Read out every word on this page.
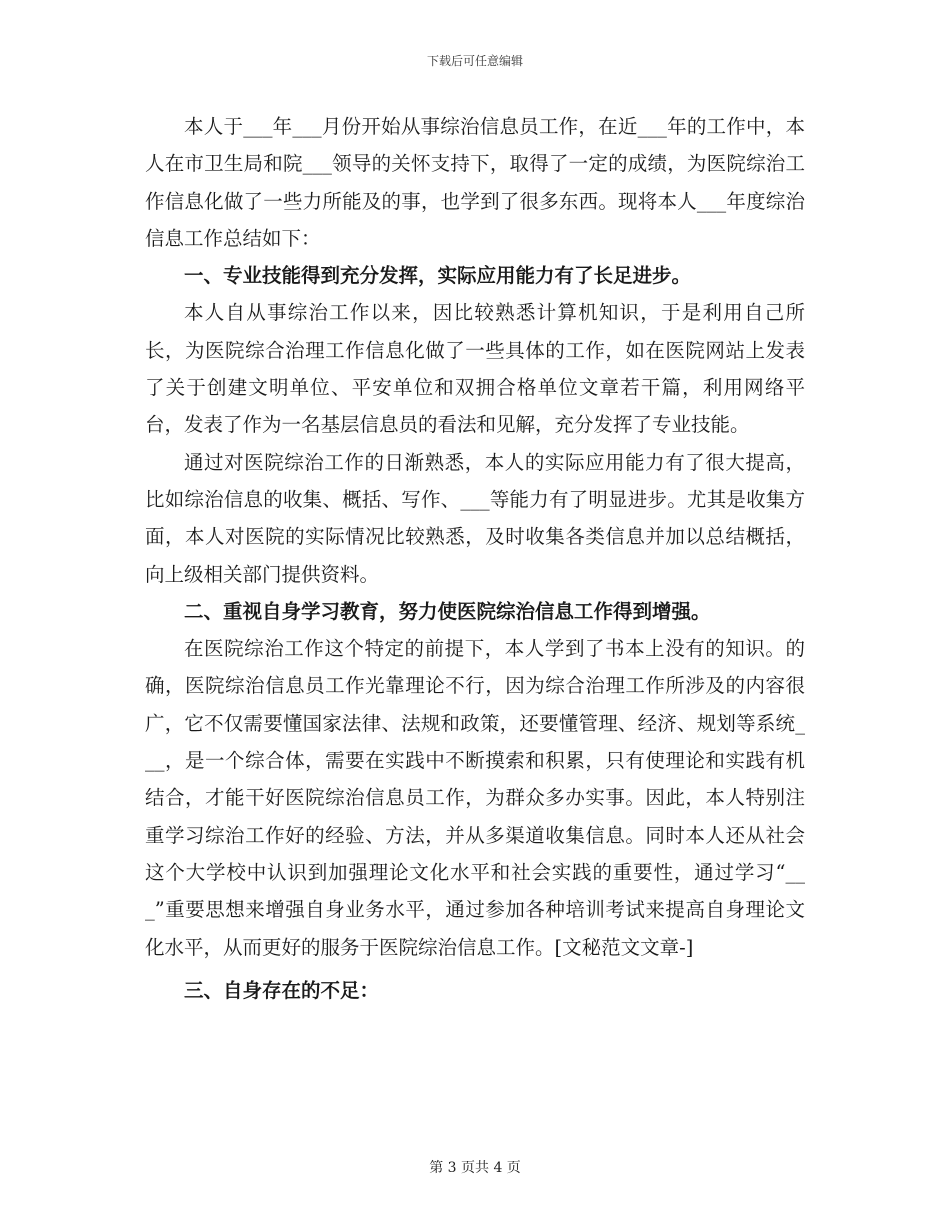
下载后可任意编辑

本人于___年___月份开始从事综治信息员工作，在近___年的工作中，本人在市卫生局和院___领导的关怀支持下，取得了一定的成绩，为医院综治工作信息化做了一些力所能及的事，也学到了很多东西。现将本人___年度综治信息工作总结如下：

一、专业技能得到充分发挥，实际应用能力有了长足进步。

本人自从事综治工作以来，因比较熟悉计算机知识，于是利用自己所长，为医院综合治理工作信息化做了一些具体的工作，如在医院网站上发表了关于创建文明单位、平安单位和双拥合格单位文章若干篇，利用网络平台，发表了作为一名基层信息员的看法和见解，充分发挥了专业技能。

通过对医院综治工作的日渐熟悉，本人的实际应用能力有了很大提高，比如综治信息的收集、概括、写作、___等能力有了明显进步。尤其是收集方面，本人对医院的实际情况比较熟悉，及时收集各类信息并加以总结概括，向上级相关部门提供资料。

二、重视自身学习教育，努力使医院综治信息工作得到增强。

在医院综治工作这个特定的前提下，本人学到了书本上没有的知识。的确，医院综治信息员工作光靠理论不行，因为综合治理工作所涉及的内容很广，它不仅需要懂国家法律、法规和政策，还要懂管理、经济、规划等系统___，是一个综合体，需要在实践中不断摸索和积累，只有使理论和实践有机结合，才能干好医院综治信息员工作，为群众多办实事。因此，本人特别注重学习综治工作好的经验、方法，并从多渠道收集信息。同时本人还从社会这个大学校中认识到加强理论文化水平和社会实践的重要性，通过学习“___”重要思想来增强自身业务水平，通过参加各种培训考试来提高自身理论文化水平，从而更好的服务于医院综治信息工作。[文秘范文文章-]

三、自身存在的不足：

第 3 页共 4 页
